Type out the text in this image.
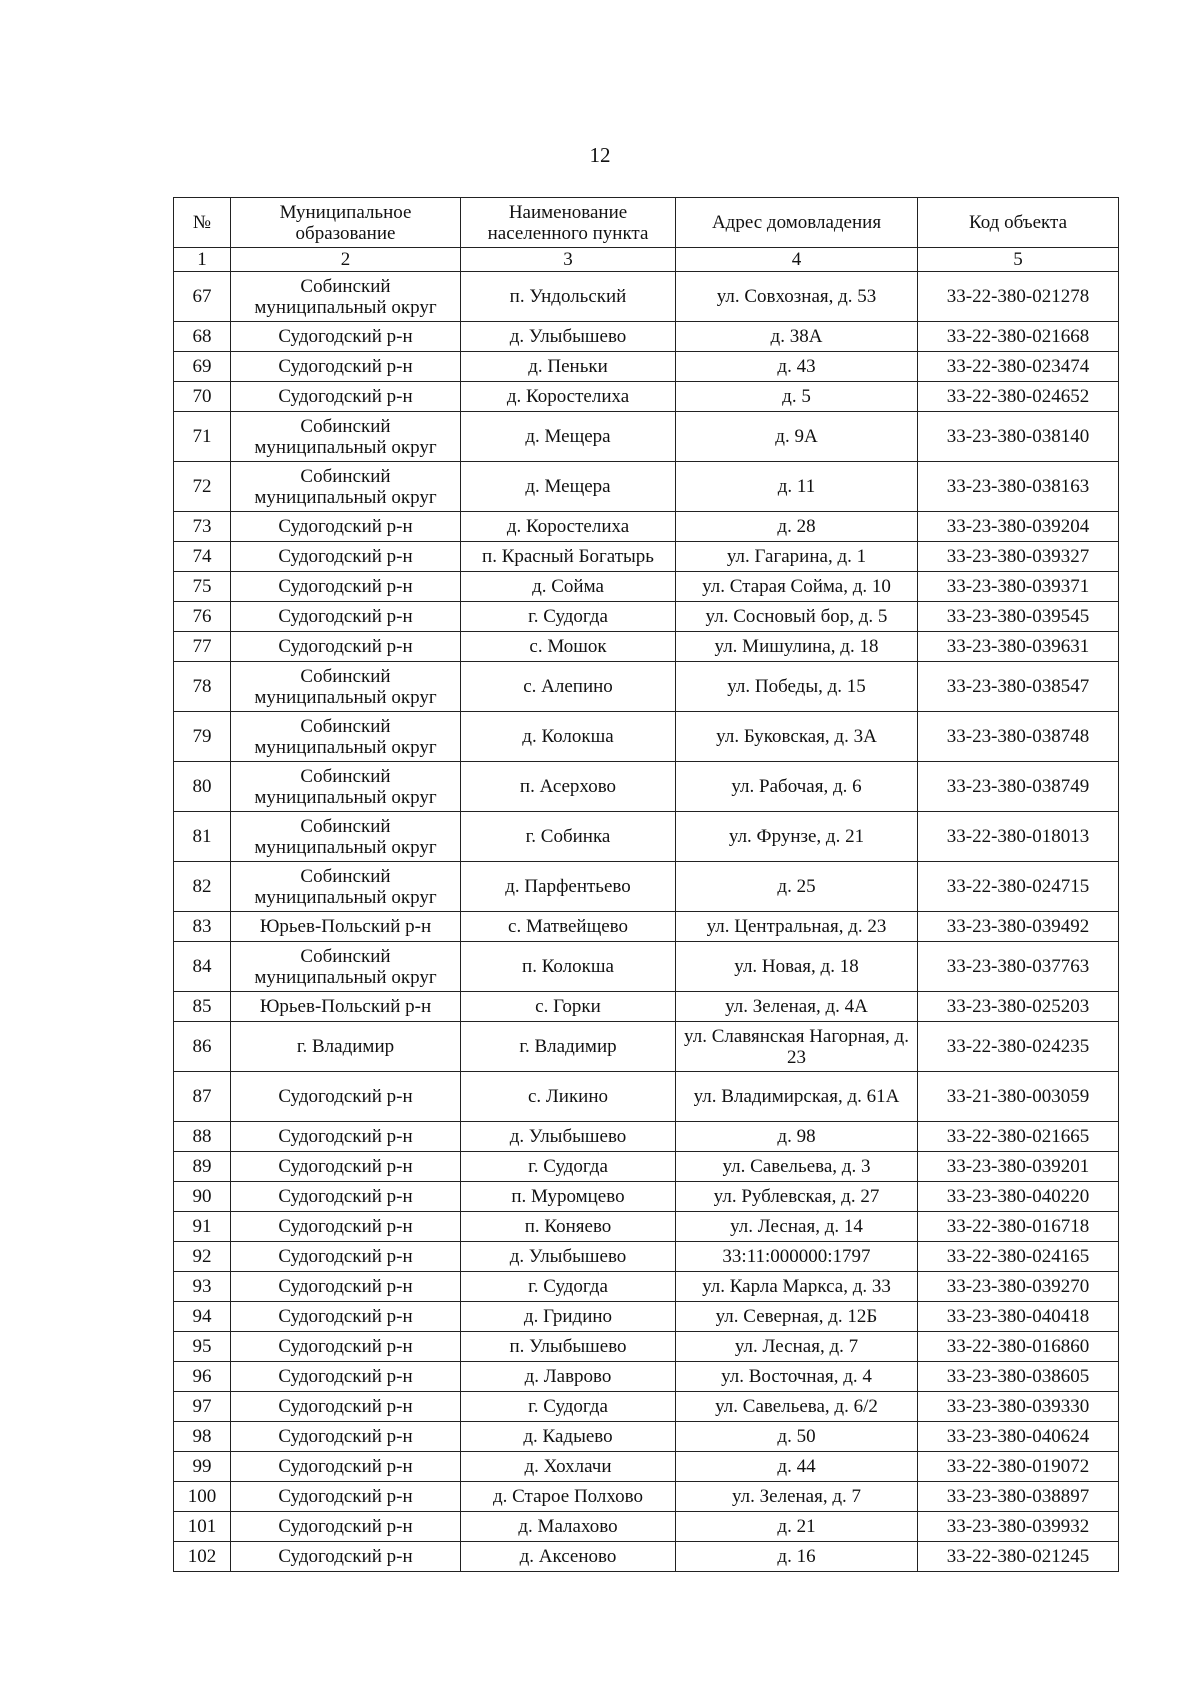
12
№	Муниципальное образование	Наименование населенного пункта	Адрес домовладения	Код объекта
1	2	3	4	5
67	Собинский муниципальный округ	п. Ундольский	ул. Совхозная, д. 53	33-22-380-021278
68	Судогодский р-н	д. Улыбышево	д. 38А	33-22-380-021668
69	Судогодский р-н	д. Пеньки	д. 43	33-22-380-023474
70	Судогодский р-н	д. Коростелиха	д. 5	33-22-380-024652
71	Собинский муниципальный округ	д. Мещера	д. 9А	33-23-380-038140
72	Собинский муниципальный округ	д. Мещера	д. 11	33-23-380-038163
73	Судогодский р-н	д. Коростелиха	д. 28	33-23-380-039204
74	Судогодский р-н	п. Красный Богатырь	ул. Гагарина, д. 1	33-23-380-039327
75	Судогодский р-н	д. Сойма	ул. Старая Сойма, д. 10	33-23-380-039371
76	Судогодский р-н	г. Судогда	ул. Сосновый бор, д. 5	33-23-380-039545
77	Судогодский р-н	с. Мошок	ул. Мишулина, д. 18	33-23-380-039631
78	Собинский муниципальный округ	с. Алепино	ул. Победы, д. 15	33-23-380-038547
79	Собинский муниципальный округ	д. Колокша	ул. Буковская, д. 3А	33-23-380-038748
80	Собинский муниципальный округ	п. Асерхово	ул. Рабочая, д. 6	33-23-380-038749
81	Собинский муниципальный округ	г. Собинка	ул. Фрунзе, д. 21	33-22-380-018013
82	Собинский муниципальный округ	д. Парфентьево	д. 25	33-22-380-024715
83	Юрьев-Польский р-н	с. Матвейщево	ул. Центральная, д. 23	33-23-380-039492
84	Собинский муниципальный округ	п. Колокша	ул. Новая, д. 18	33-23-380-037763
85	Юрьев-Польский р-н	с. Горки	ул. Зеленая, д. 4А	33-23-380-025203
86	г. Владимир	г. Владимир	ул. Славянская Нагорная, д. 23	33-22-380-024235
87	Судогодский р-н	с. Ликино	ул. Владимирская, д. 61А	33-21-380-003059
88	Судогодский р-н	д. Улыбышево	д. 98	33-22-380-021665
89	Судогодский р-н	г. Судогда	ул. Савельева, д. 3	33-23-380-039201
90	Судогодский р-н	п. Муромцево	ул. Рублевская, д. 27	33-23-380-040220
91	Судогодский р-н	п. Коняево	ул. Лесная, д. 14	33-22-380-016718
92	Судогодский р-н	д. Улыбышево	33:11:000000:1797	33-22-380-024165
93	Судогодский р-н	г. Судогда	ул. Карла Маркса, д. 33	33-23-380-039270
94	Судогодский р-н	д. Гридино	ул. Северная, д. 12Б	33-23-380-040418
95	Судогодский р-н	п. Улыбышево	ул. Лесная, д. 7	33-22-380-016860
96	Судогодский р-н	д. Лаврово	ул. Восточная, д. 4	33-23-380-038605
97	Судогодский р-н	г. Судогда	ул. Савельева, д. 6/2	33-23-380-039330
98	Судогодский р-н	д. Кадыево	д. 50	33-23-380-040624
99	Судогодский р-н	д. Хохлачи	д. 44	33-22-380-019072
100	Судогодский р-н	д. Старое Полхово	ул. Зеленая, д. 7	33-23-380-038897
101	Судогодский р-н	д. Малахово	д. 21	33-23-380-039932
102	Судогодский р-н	д. Аксеново	д. 16	33-22-380-021245
